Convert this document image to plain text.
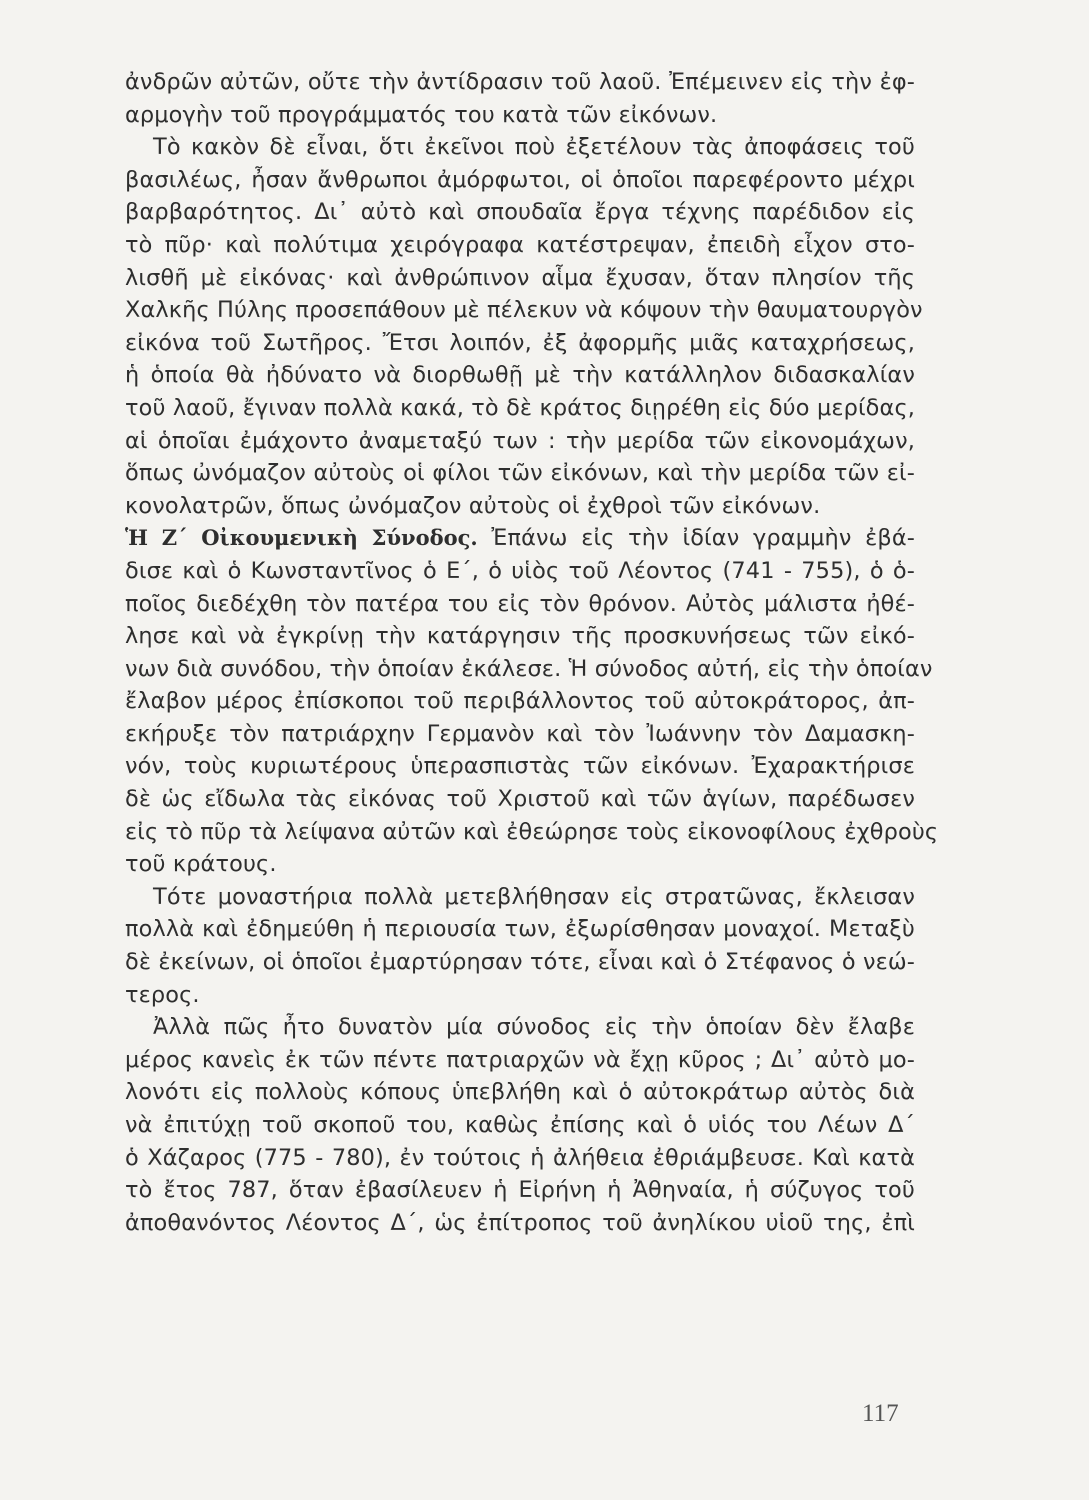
ἀνδρῶν αὐτῶν, οὔτε τὴν ἀντίδρασιν τοῦ λαοῦ. Ἐπέμεινεν εἰς τὴν ἐφ-
αρμογὴν τοῦ προγράμματός του κατὰ τῶν εἰκόνων.
Τὸ κακὸν δὲ εἶναι, ὅτι ἐκεῖνοι ποὺ ἐξετέλουν τὰς ἀποφάσεις τοῦ
βασιλέως, ἦσαν ἄνθρωποι ἀμόρφωτοι, οἱ ὁποῖοι παρεφέροντο μέχρι
βαρβαρότητος. Δι᾽ αὐτὸ καὶ σπουδαῖα ἔργα τέχνης παρέδιδον εἰς
τὸ πῦρ· καὶ πολύτιμα χειρόγραφα κατέστρεψαν, ἐπειδὴ εἶχον στο-
λισθῆ μὲ εἰκόνας· καὶ ἀνθρώπινον αἷμα ἔχυσαν, ὅταν πλησίον τῆς
Χαλκῆς Πύλης προσεπάθουν μὲ πέλεκυν νὰ κόψουν τὴν θαυματουργὸν
εἰκόνα τοῦ Σωτῆρος. Ἔτσι λοιπόν, ἐξ ἀφορμῆς μιᾶς καταχρήσεως,
ἡ ὁποία θὰ ἠδύνατο νὰ διορθωθῇ μὲ τὴν κατάλληλον διδασκαλίαν
τοῦ λαοῦ, ἔγιναν πολλὰ κακά, τὸ δὲ κράτος διῃρέθη εἰς δύο μερίδας,
αἱ ὁποῖαι ἐμάχοντο ἀναμεταξύ των : τὴν μερίδα τῶν εἰκονομάχων,
ὅπως ὠνόμαζον αὐτοὺς οἱ φίλοι τῶν εἰκόνων, καὶ τὴν μερίδα τῶν εἰ-
κονολατρῶν, ὅπως ὠνόμαζον αὐτοὺς οἱ ἐχθροὶ τῶν εἰκόνων.
Ἡ Ζ΄ Οἰκουμενικὴ Σύνοδος. Ἐπάνω εἰς τὴν ἰδίαν γραμμὴν ἐβά-
δισε καὶ ὁ Κωνσταντῖνος ὁ Ε΄, ὁ υἱὸς τοῦ Λέοντος (741 - 755), ὁ ὁ-
ποῖος διεδέχθη τὸν πατέρα του εἰς τὸν θρόνον. Αὐτὸς μάλιστα ἠθέ-
λησε καὶ νὰ ἐγκρίνῃ τὴν κατάργησιν τῆς προσκυνήσεως τῶν εἰκό-
νων διὰ συνόδου, τὴν ὁποίαν ἐκάλεσε. Ἡ σύνοδος αὐτή, εἰς τὴν ὁποίαν
ἔλαβον μέρος ἐπίσκοποι τοῦ περιβάλλοντος τοῦ αὐτοκράτορος, ἀπ-
εκήρυξε τὸν πατριάρχην Γερμανὸν καὶ τὸν Ἰωάννην τὸν Δαμασκη-
νόν, τοὺς κυριωτέρους ὑπερασπιστὰς τῶν εἰκόνων. Ἐχαρακτήρισε
δὲ ὡς εἴδωλα τὰς εἰκόνας τοῦ Χριστοῦ καὶ τῶν ἁγίων, παρέδωσεν
εἰς τὸ πῦρ τὰ λείψανα αὐτῶν καὶ ἐθεώρησε τοὺς εἰκονοφίλους ἐχθροὺς
τοῦ κράτους.
Τότε μοναστήρια πολλὰ μετεβλήθησαν εἰς στρατῶνας, ἔκλεισαν
πολλὰ καὶ ἐδημεύθη ἡ περιουσία των, ἐξωρίσθησαν μοναχοί. Μεταξὺ
δὲ ἐκείνων, οἱ ὁποῖοι ἐμαρτύρησαν τότε, εἶναι καὶ ὁ Στέφανος ὁ νεώ-
τερος.
Ἀλλὰ πῶς ἦτο δυνατὸν μία σύνοδος εἰς τὴν ὁποίαν δὲν ἔλαβε
μέρος κανεὶς ἐκ τῶν πέντε πατριαρχῶν νὰ ἔχῃ κῦρος ; Δι᾽ αὐτὸ μο-
λονότι εἰς πολλοὺς κόπους ὑπεβλήθη καὶ ὁ αὐτοκράτωρ αὐτὸς διὰ
νὰ ἐπιτύχῃ τοῦ σκοποῦ του, καθὼς ἐπίσης καὶ ὁ υἱός του Λέων Δ΄
ὁ Χάζαρος (775 - 780), ἐν τούτοις ἡ ἀλήθεια ἐθριάμβευσε. Καὶ κατὰ
τὸ ἔτος 787, ὅταν ἐβασίλευεν ἡ Εἰρήνη ἡ Ἀθηναία, ἡ σύζυγος τοῦ
ἀποθανόντος Λέοντος Δ΄, ὡς ἐπίτροπος τοῦ ἀνηλίκου υἱοῦ της, ἐπὶ
117
